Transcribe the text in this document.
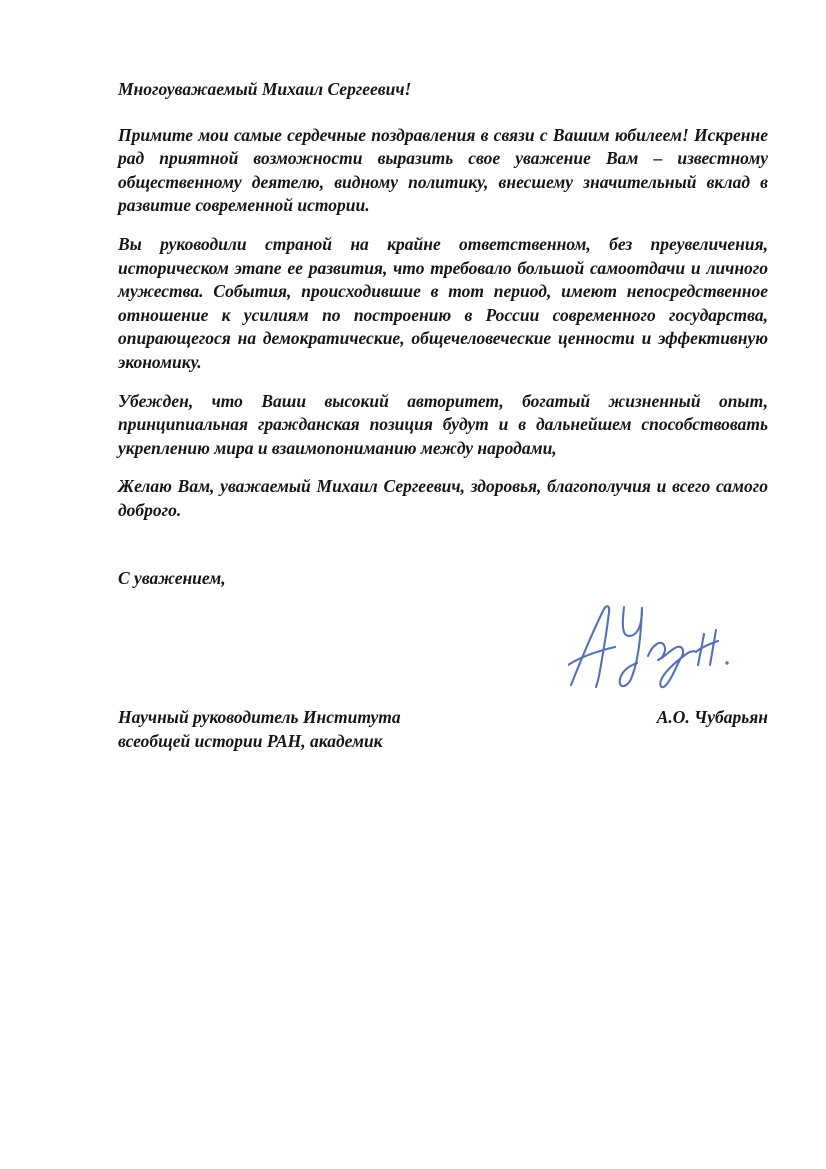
Многоуважаемый Михаил Сергеевич!

Примите мои самые сердечные поздравления в связи с Вашим юбилеем! Искренне рад приятной возможности выразить свое уважение Вам – известному общественному деятелю, видному политику, внесшему значительный вклад в развитие современной истории.

Вы руководили страной на крайне ответственном, без преувеличения, историческом этапе ее развития, что требовало большой самоотдачи и личного мужества. События, происходившие в тот период, имеют непосредственное отношение к усилиям по построению в России современного государства, опирающегося на демократические, общечеловеческие ценности и эффективную экономику.

Убежден, что Ваши высокий авторитет, богатый жизненный опыт, принципиальная гражданская позиция будут и в дальнейшем способствовать укреплению мира и взаимопониманию между народами,

Желаю Вам, уважаемый Михаил Сергеевич, здоровья, благополучия и всего самого доброго.

С уважением,

Научный руководитель Института

всеобщей истории РАН, академик

А.О. Чубарьян
